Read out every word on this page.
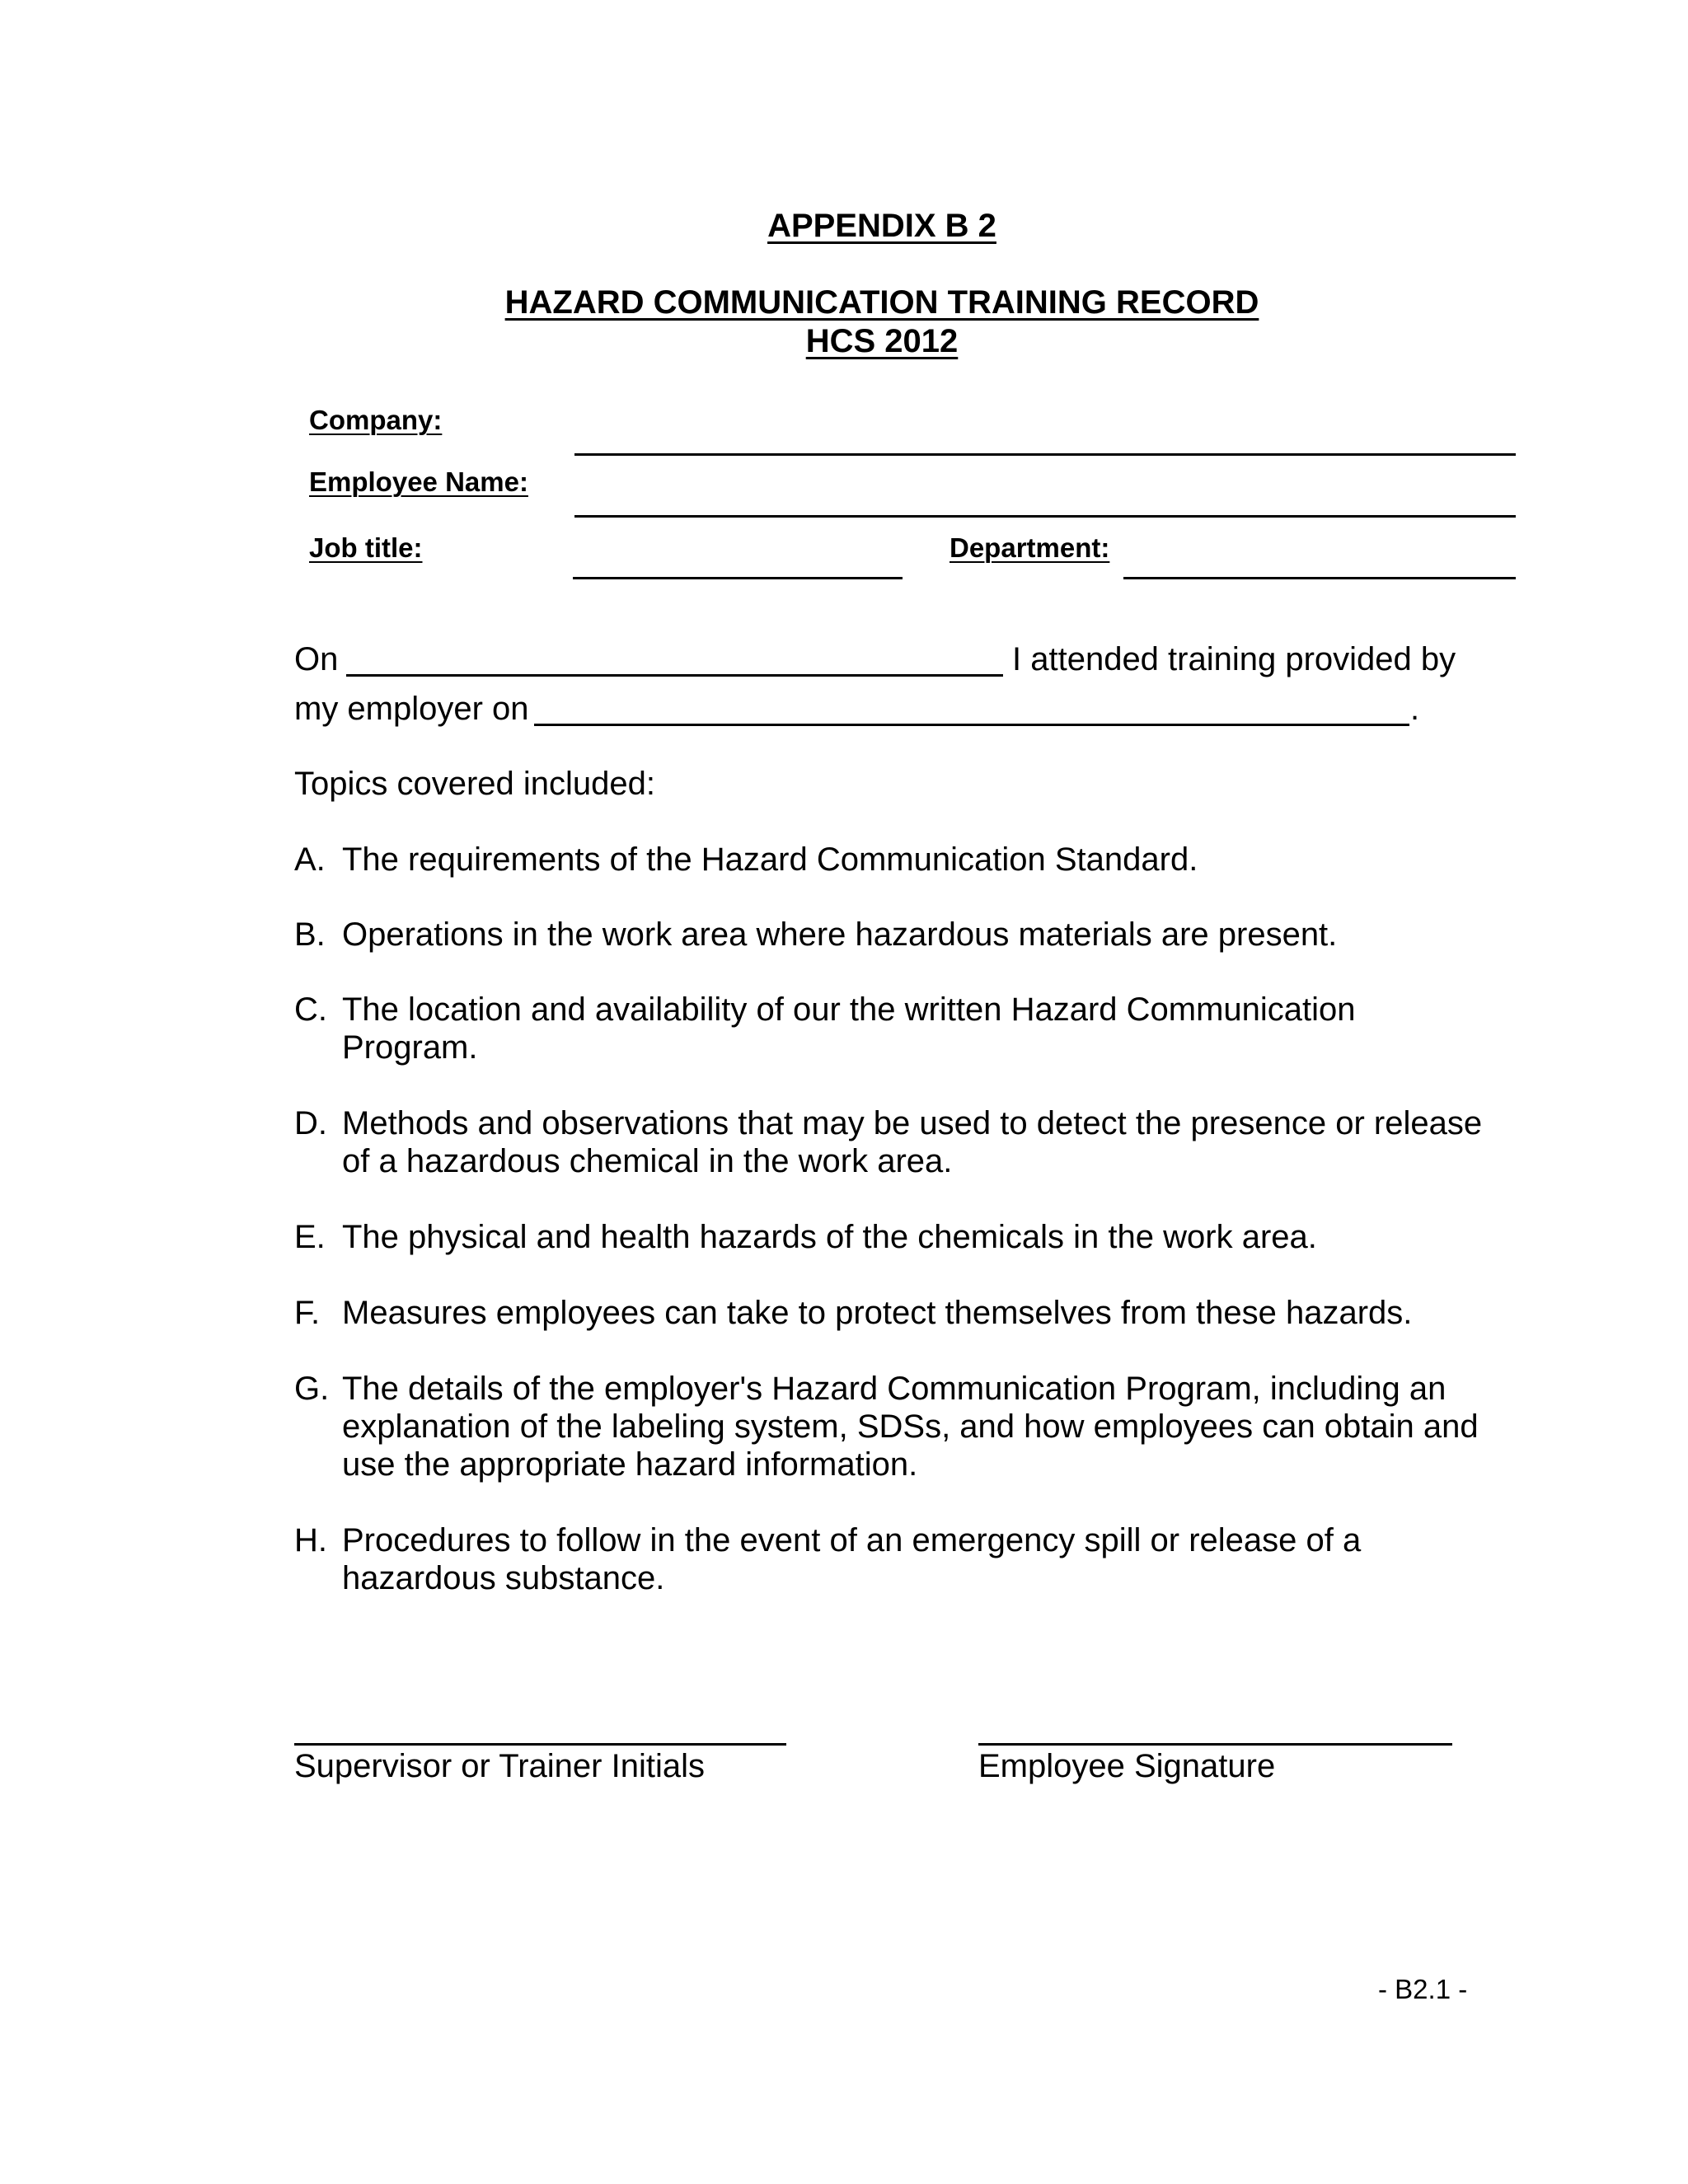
APPENDIX B 2
HAZARD COMMUNICATION TRAINING RECORD
HCS 2012
Company:
Employee Name:
Job title:	Department:
On	I attended training provided by
my employer on	.
Topics covered included:
A. The requirements of the Hazard Communication Standard.
B. Operations in the work area where hazardous materials are present.
C. The location and availability of our the written Hazard Communication Program.
D. Methods and observations that may be used to detect the presence or release of a hazardous chemical in the work area.
E. The physical and health hazards of the chemicals in the work area.
F. Measures employees can take to protect themselves from these hazards.
G. The details of the employer's Hazard Communication Program, including an explanation of the labeling system, SDSs, and how employees can obtain and use the appropriate hazard information.
H. Procedures to follow in the event of an emergency spill or release of a hazardous substance.
Supervisor or Trainer Initials	Employee Signature
- B2.1 -
